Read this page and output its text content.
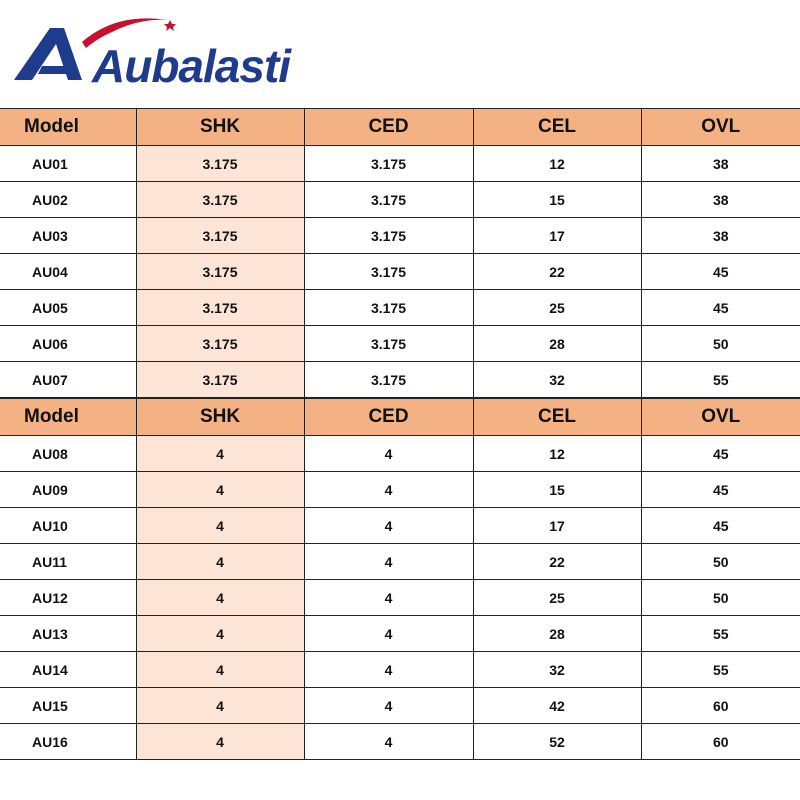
Aubalasti
Model	SHK	CED	CEL	OVL
AU01	3.175	3.175	12	38
AU02	3.175	3.175	15	38
AU03	3.175	3.175	17	38
AU04	3.175	3.175	22	45
AU05	3.175	3.175	25	45
AU06	3.175	3.175	28	50
AU07	3.175	3.175	32	55
Model	SHK	CED	CEL	OVL
AU08	4	4	12	45
AU09	4	4	15	45
AU10	4	4	17	45
AU11	4	4	22	50
AU12	4	4	25	50
AU13	4	4	28	55
AU14	4	4	32	55
AU15	4	4	42	60
AU16	4	4	52	60
